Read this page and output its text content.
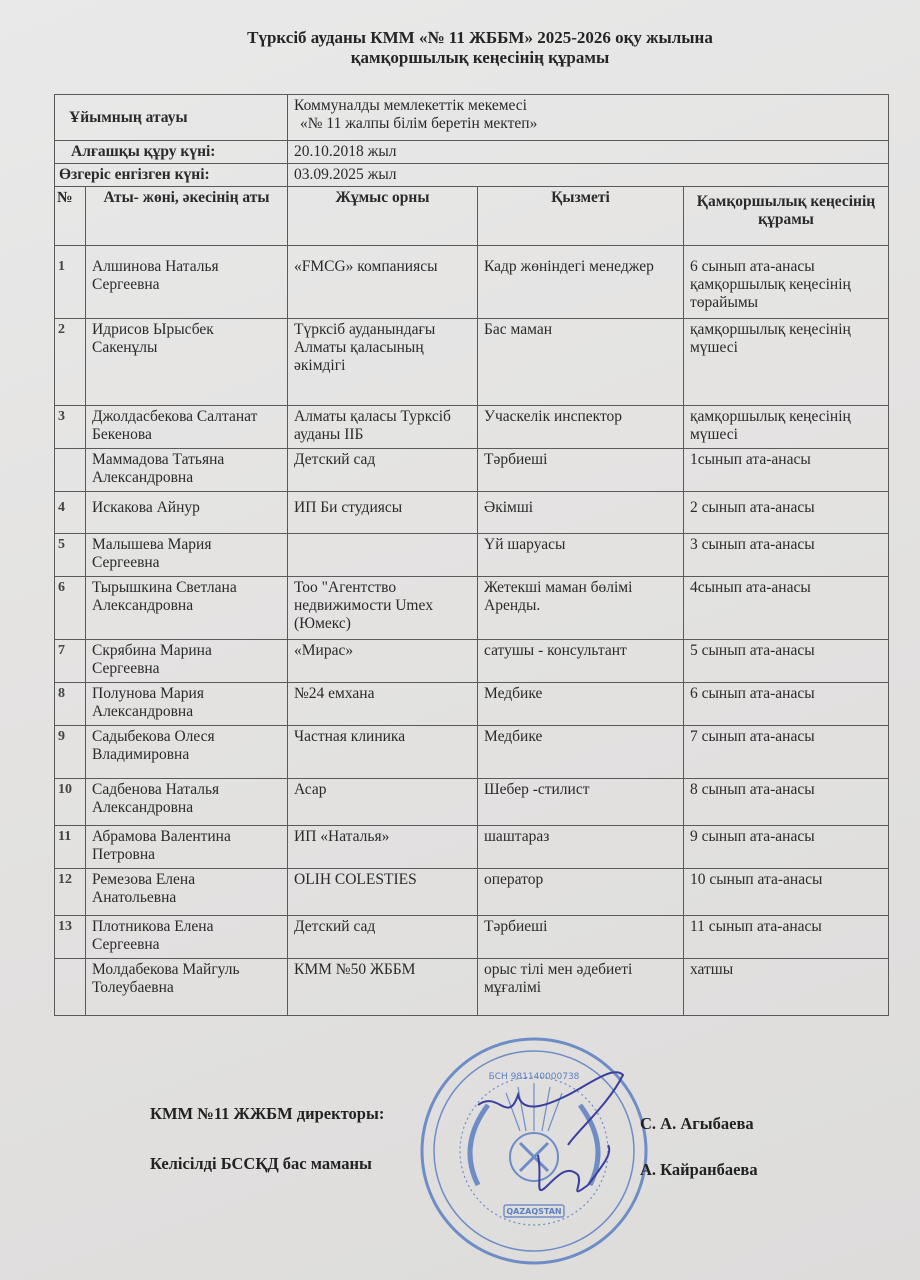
Түрксіб ауданы КММ «№ 11 ЖББМ» 2025-2026 оқу жылына
қамқоршылық кеңесінің құрамы
Ұйымның атауы		Коммуналды мемлекеттік мекемесі
«№ 11 жалпы білім беретін мектеп»		

Алғашқы құру күні:		20.10.2018 жыл		
Өзгеріс енгізген күні:		03.09.2025 жыл		
№	Аты- жөні, әкесінің аты	Жұмыс орны	Қызметі	Қамқоршылық кеңесінің құрамы
1	Алшинова Наталья Сергеевна	«FMCG» компаниясы	Кадр жөніндегі менеджер	6 сынып ата-анасы қамқоршылық кеңесінің төрайымы
2	Идрисов Ырысбек Сакенұлы	Түрксіб ауданындағы Алматы қаласының әкімдігі	Бас маман	қамқоршылық кеңесінің мүшесі
3	Джолдасбекова Салтанат Бекенова	Алматы қаласы Турксіб ауданы ІІБ	Учаскелік инспектор	қамқоршылық кеңесінің мүшесі
	Маммадова Татьяна Александровна	Детский сад	Тәрбиеші	1сынып ата-анасы
4	Искакова Айнур	ИП Би студиясы	Әкімші	2 сынып ата-анасы
5	Малышева Мария Сергеевна		Үй шаруасы	3 сынып ата-анасы
6	Тырышкина Светлана Александровна	Тоо "Агентство недвижимости Umex (Юмекс)	Жетекші маман бөлімі Аренды.	4сынып ата-анасы
7	Скрябина Марина Сергеевна	«Мирас»	сатушы - консультант	5 сынып ата-анасы
8	Полунова Мария Александровна	№24 емхана	Медбике	6 сынып ата-анасы
9	Садыбекова Олеся Владимировна	Частная клиника	Медбике	7 сынып ата-анасы
10	Садбенова Наталья Александровна	Асар	Шебер -стилист	8 сынып ата-анасы
11	Абрамова Валентина Петровна	ИП «Наталья»	шаштараз	9 сынып ата-анасы
12	Ремезова Елена Анатольевна	OLIH COLESTIES	оператор	10 сынып ата-анасы
13	Плотникова Елена Сергеевна	Детский сад	Тәрбиеші	11 сынып ата-анасы
	Молдабекова Майгуль Толеубаевна	КММ №50 ЖББМ	орыс тілі мен әдебиеті мұғалімі	хатшы
БСН 981140000738
QAZAQSTAN
КММ №11 ЖЖБМ директоры:
С. А. Агыбаева
Келісілді БССҚД бас маманы	А. Кайранбаева
